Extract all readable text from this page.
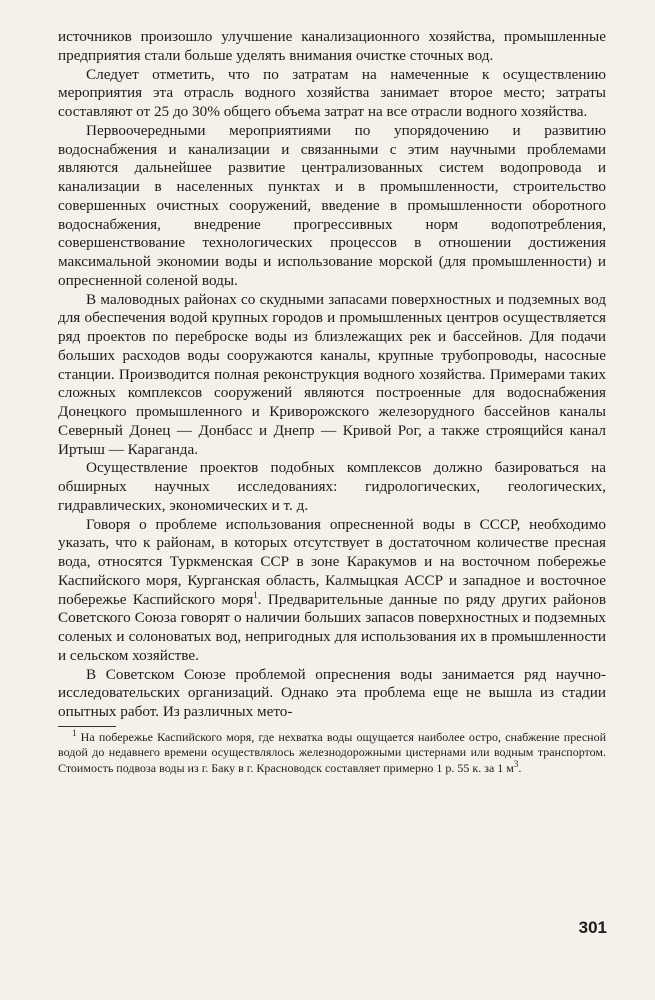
источников произошло улучшение канализационного хозяйства, промышленные предприятия стали больше уделять внимания очистке сточных вод.

Следует отметить, что по затратам на намеченные к осуществлению мероприятия эта отрасль водного хозяйства занимает второе место; затраты составляют от 25 до 30% общего объема затрат на все отрасли водного хозяйства.

Первоочередными мероприятиями по упорядочению и развитию водоснабжения и канализации и связанными с этим научными проблемами являются дальнейшее развитие централизованных систем водопровода и канализации в населенных пунктах и в промышленности, строительство совершенных очистных сооружений, введение в промышленности оборотного водоснабжения, внедрение прогрессивных норм водопотребления, совершенствование технологических процессов в отношении достижения максимальной экономии воды и использование морской (для промышленности) и опресненной соленой воды.

В маловодных районах со скудными запасами поверхностных и подземных вод для обеспечения водой крупных городов и промышленных центров осуществляется ряд проектов по переброске воды из близлежащих рек и бассейнов. Для подачи больших расходов воды сооружаются каналы, крупные трубопроводы, насосные станции. Производится полная реконструкция водного хозяйства. Примерами таких сложных комплексов сооружений являются построенные для водоснабжения Донецкого промышленного и Криворожского железорудного бассейнов каналы Северный Донец — Донбасс и Днепр — Кривой Рог, а также строящийся канал Иртыш — Караганда.

Осуществление проектов подобных комплексов должно базироваться на обширных научных исследованиях: гидрологических, геологических, гидравлических, экономических и т. д.

Говоря о проблеме использования опресненной воды в СССР, необходимо указать, что к районам, в которых отсутствует в достаточном количестве пресная вода, относятся Туркменская ССР в зоне Каракумов и на восточном побережье Каспийского моря, Курганская область, Калмыцкая АССР и западное и восточное побережье Каспийского моря$^1$. Предварительные данные по ряду других районов Советского Союза говорят о наличии больших запасов поверхностных и подземных соленых и солоноватых вод, непригодных для использования их в промышленности и сельском хозяйстве.

В Советском Союзе проблемой опреснения воды занимается ряд научно-исследовательских организаций. Однако эта проблема еще не вышла из стадии опытных работ. Из различных мето-

$^1$ На побережье Каспийского моря, где нехватка воды ощущается наиболее остро, снабжение пресной водой до недавнего времени осуществлялось железнодорожными цистернами или водным транспортом. Стоимость подвоза воды из г. Баку в г. Красноводск составляет примерно 1 р. 55 к. за 1 $м^3$.

301
